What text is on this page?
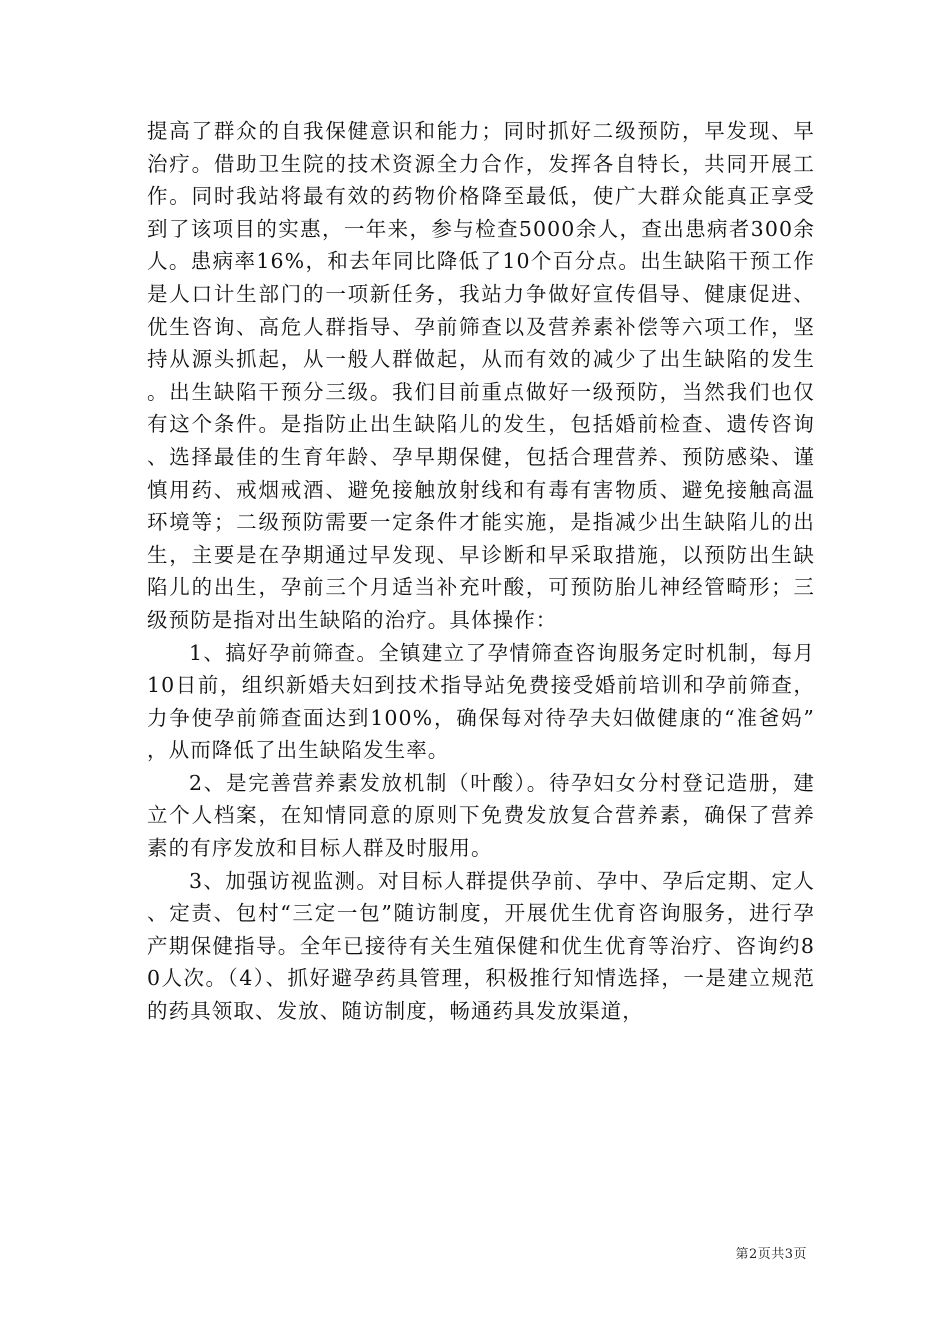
提高了群众的自我保健意识和能力；同时抓好二级预防，早发现、早治疗。借助卫生院的技术资源全力合作，发挥各自特长，共同开展工作。同时我站将最有效的药物价格降至最低，使广大群众能真正享受到了该项目的实惠，一年来，参与检查5000余人，查出患病者300余人。患病率16%，和去年同比降低了10个百分点。出生缺陷干预工作是人口计生部门的一项新任务，我站力争做好宣传倡导、健康促进、优生咨询、高危人群指导、孕前筛查以及营养素补偿等六项工作，坚持从源头抓起，从一般人群做起，从而有效的减少了出生缺陷的发生。出生缺陷干预分三级。我们目前重点做好一级预防，当然我们也仅有这个条件。是指防止出生缺陷儿的发生，包括婚前检查、遗传咨询、选择最佳的生育年龄、孕早期保健，包括合理营养、预防感染、谨慎用药、戒烟戒酒、避免接触放射线和有毒有害物质、避免接触高温环境等；二级预防需要一定条件才能实施，是指减少出生缺陷儿的出生，主要是在孕期通过早发现、早诊断和早采取措施，以预防出生缺陷儿的出生，孕前三个月适当补充叶酸，可预防胎儿神经管畸形；三级预防是指对出生缺陷的治疗。具体操作：

1、搞好孕前筛查。全镇建立了孕情筛查咨询服务定时机制，每月10日前，组织新婚夫妇到技术指导站免费接受婚前培训和孕前筛查，力争使孕前筛查面达到100%，确保每对待孕夫妇做健康的“准爸妈”，从而降低了出生缺陷发生率。

2、是完善营养素发放机制（叶酸）。待孕妇女分村登记造册，建立个人档案，在知情同意的原则下免费发放复合营养素，确保了营养素的有序发放和目标人群及时服用。

3、加强访视监测。对目标人群提供孕前、孕中、孕后定期、定人、定责、包村“三定一包”随访制度，开展优生优育咨询服务，进行孕产期保健指导。全年已接待有关生殖保健和优生优育等治疗、咨询约80人次。（4）、抓好避孕药具管理，积极推行知情选择，一是建立规范的药具领取、发放、随访制度，畅通药具发放渠道，

第2页共3页
